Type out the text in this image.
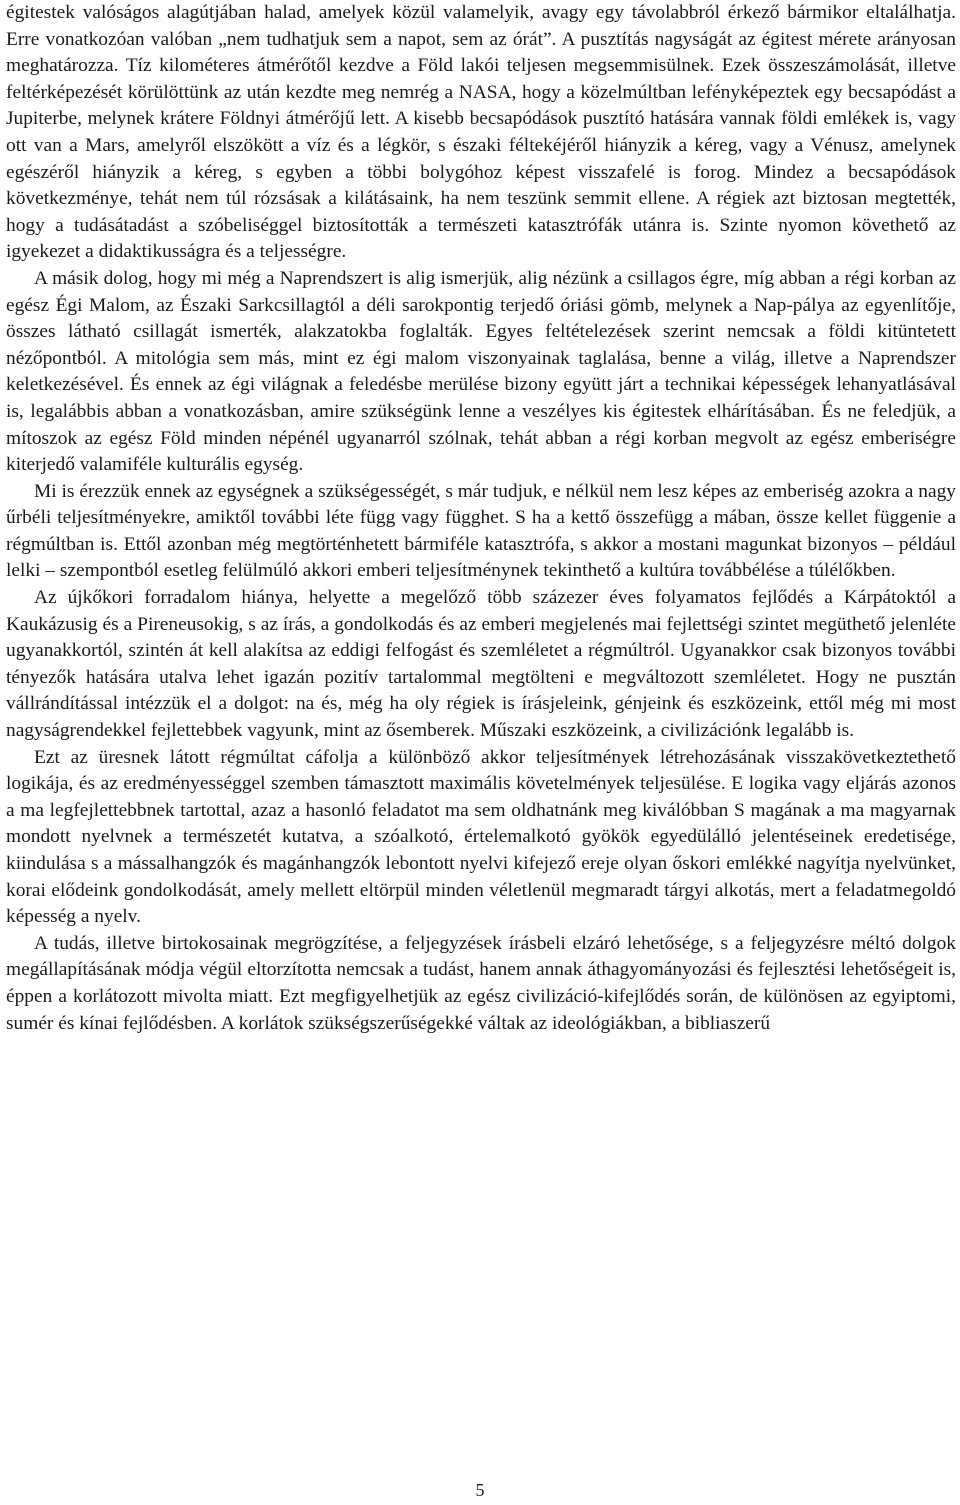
égitestek valóságos alagútjában halad, amelyek közül valamelyik, avagy egy távolabbról érkező bármikor eltalálhatja. Erre vonatkozóan valóban „nem tudhatjuk sem a napot, sem az órát”. A pusztítás nagyságát az égitest mérete arányosan meghatározza. Tíz kilométeres átmérőtől kezdve a Föld lakói teljesen megsemmisülnek. Ezek összeszámolását, illetve feltérképezését körülöttünk az után kezdte meg nemrég a NASA, hogy a közelmúltban lefényképeztek egy becsapódást a Jupiterbe, melynek krátere Földnyi átmérőjű lett. A kisebb becsapódások pusztító hatására vannak földi emlékek is, vagy ott van a Mars, amelyről elszökött a víz és a légkör, s északi féltekéjéről hiányzik a kéreg, vagy a Vénusz, amelynek egészéről hiányzik a kéreg, s egyben a többi bolygóhoz képest visszafelé is forog. Mindez a becsapódások következménye, tehát nem túl rózsásak a kilátásaink, ha nem teszünk semmit ellene. A régiek azt biztosan megtették, hogy a tudásátadást a szóbeliséggel biztosították a természeti katasztrófák utánra is. Szinte nyomon követhető az igyekezet a didaktikusságra és a teljességre.

A másik dolog, hogy mi még a Naprendszert is alig ismerjük, alig nézünk a csillagos égre, míg abban a régi korban az egész Égi Malom, az Északi Sarkcsillagtól a déli sarokpontig terjedő óriási gömb, melynek a Nap-pálya az egyenlítője, összes látható csillagát ismerték, alakzatokba foglalták. Egyes feltételezések szerint nemcsak a földi kitüntetett nézőpontból. A mitológia sem más, mint ez égi malom viszonyainak taglalása, benne a világ, illetve a Naprendszer keletkezésével. És ennek az égi világnak a feledésbe merülése bizony együtt járt a technikai képességek lehanyatlásával is, legalábbis abban a vonatkozásban, amire szükségünk lenne a veszélyes kis égitestek elhárításában. És ne feledjük, a mítoszok az egész Föld minden népénél ugyanarról szólnak, tehát abban a régi korban megvolt az egész emberiségre kiterjedő valamiféle kulturális egység.

Mi is érezzük ennek az egységnek a szükségességét, s már tudjuk, e nélkül nem lesz képes az emberiség azokra a nagy űrbéli teljesítményekre, amiktől további léte függ vagy függhet. S ha a kettő összefügg a mában, össze kellet függenie a régmúltban is. Ettől azonban még megtörténhetett bármiféle katasztrófa, s akkor a mostani magunkat bizonyos – például lelki – szempontból esetleg felülmúló akkori emberi teljesítménynek tekinthető a kultúra továbbélése a túlélőkben.

Az újkőkori forradalom hiánya, helyette a megelőző több százezer éves folyamatos fejlődés a Kárpátoktól a Kaukázusig és a Pireneusokig, s az írás, a gondolkodás és az emberi megjelenés mai fejlettségi szintet megüthető jelenléte ugyanakkortól, szintén át kell alakítsa az eddigi felfogást és szemléletet a régmúltról. Ugyanakkor csak bizonyos további tényezők hatására utalva lehet igazán pozitív tartalommal megtölteni e megváltozott szemléletet. Hogy ne pusztán vállrándítással intézzük el a dolgot: na és, még ha oly régiek is írásjeleink, génjeink és eszközeink, ettől még mi most nagyságrendekkel fejlettebbek vagyunk, mint az ősemberek. Műszaki eszközeink, a civilizációnk legalább is.

Ezt az üresnek látott régmúltat cáfolja a különböző akkor teljesítmények létrehozásának visszakövetkeztethető logikája, és az eredményességgel szemben támasztott maximális követelmények teljesülése. E logika vagy eljárás azonos a ma legfejlettebbnek tartottal, azaz a hasonló feladatot ma sem oldhatnánk meg kiválóbban S magának a ma magyarnak mondott nyelvnek a természetét kutatva, a szóalkotó, értelemalkotó gyökök egyedülálló jelentéseinek eredetisége, kiindulása s a mássalhangzók és magánhangzók lebontott nyelvi kifejező ereje olyan őskori emlékké nagyítja nyelvünket, korai elődeink gondolkodását, amely mellett eltörpül minden véletlenül megmaradt tárgyi alkotás, mert a feladatmegoldó képesség a nyelv.

A tudás, illetve birtokosainak megrögzítése, a feljegyzések írásbeli elzáró lehetősége, s a feljegyzésre méltó dolgok megállapításának módja végül eltorzította nemcsak a tudást, hanem annak áthagyományozási és fejlesztési lehetőségeit is, éppen a korlátozott mivolta miatt. Ezt megfigyelhetjük az egész civilizáció-kifejlődés során, de különösen az egyiptomi, sumér és kínai fejlődésben. A korlátok szükségszerűségekké váltak az ideológiákban, a bibliaszerű

5
